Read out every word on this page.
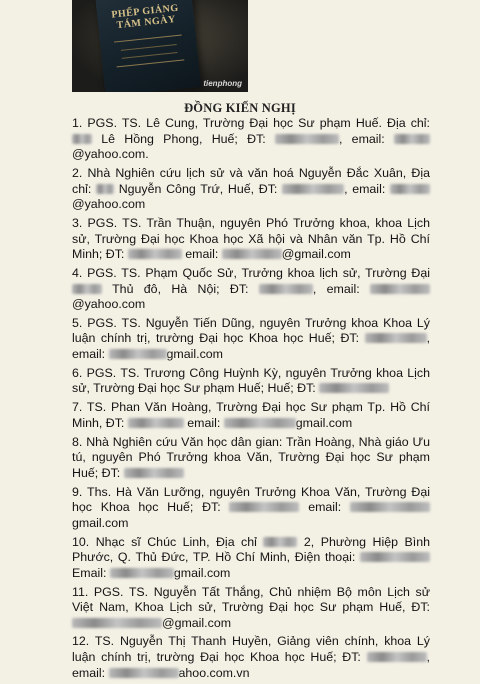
PHẾP GIẢNG TÁM NGÀY
tienphong
ĐỒNG KIẾN NGHỊ
1. PGS. TS. Lê Cung, Trường Đại học Sư phạm Huế. Địa chỉ:  Lê Hồng Phong, Huế; ĐT:	, email: @yahoo.com.
2. Nhà Nghiên cứu lịch sử và văn hoá Nguyễn Đắc Xuân, Địa chỉ: Nguyễn Công Trứ, Huế, ĐT:	, email: @yahoo.com
3. PGS. TS. Trần Thuận, nguyên Phó Trưởng khoa, khoa Lịch sử, Trường Đại học Khoa học Xã hội và Nhân văn Tp. Hồ Chí Minh; ĐT:	email:	@gmail.com
4. PGS. TS. Phạm Quốc Sử, Trưởng khoa lịch sử, Trường Đại  Thủ đô, Hà Nội; ĐT:	, email: @yahoo.com
5. PGS. TS. Nguyễn Tiến Dũng, nguyên Trưởng khoa Khoa Lý luận chính trị, trường Đại học Khoa học Huế; ĐT:	, email:	gmail.com
6. PGS. TS. Trương Công Huỳnh Kỳ, nguyên Trưởng khoa Lịch sử, Trường Đại học Sư phạm Huế; Huế; ĐT:
7. TS. Phan Văn Hoàng, Trường Đại học Sư phạm Tp. Hồ Chí Minh, ĐT:	email:	gmail.com
8. Nhà Nghiên cứu Văn học dân gian: Trần Hoàng, Nhà giáo Ưu tú, nguyên Phó Trưởng khoa Văn, Trường Đại học Sư phạm Huế; ĐT:
9. Ths. Hà Văn Lưỡng, nguyên Trưởng Khoa Văn, Trường Đại học Khoa học Huế; ĐT:	email: gmail.com
10. Nhạc sĩ Chúc Linh, Địa chỉ	2, Phường Hiệp Bình Phước, Q. Thủ Đức, TP. Hồ Chí Minh, Điện thoại:  Email:	gmail.com
11. PGS. TS. Nguyễn Tất Thắng, Chủ nhiệm Bộ môn Lịch sử Việt Nam, Khoa Lịch sử, Trường Đại học Sư phạm Huế, ĐT: @gmail.com
12. TS. Nguyễn Thị Thanh Huyền, Giảng viên chính, khoa Lý luận chính trị, trường Đại học Khoa học Huế; ĐT:	, email:	ahoo.com.vn
